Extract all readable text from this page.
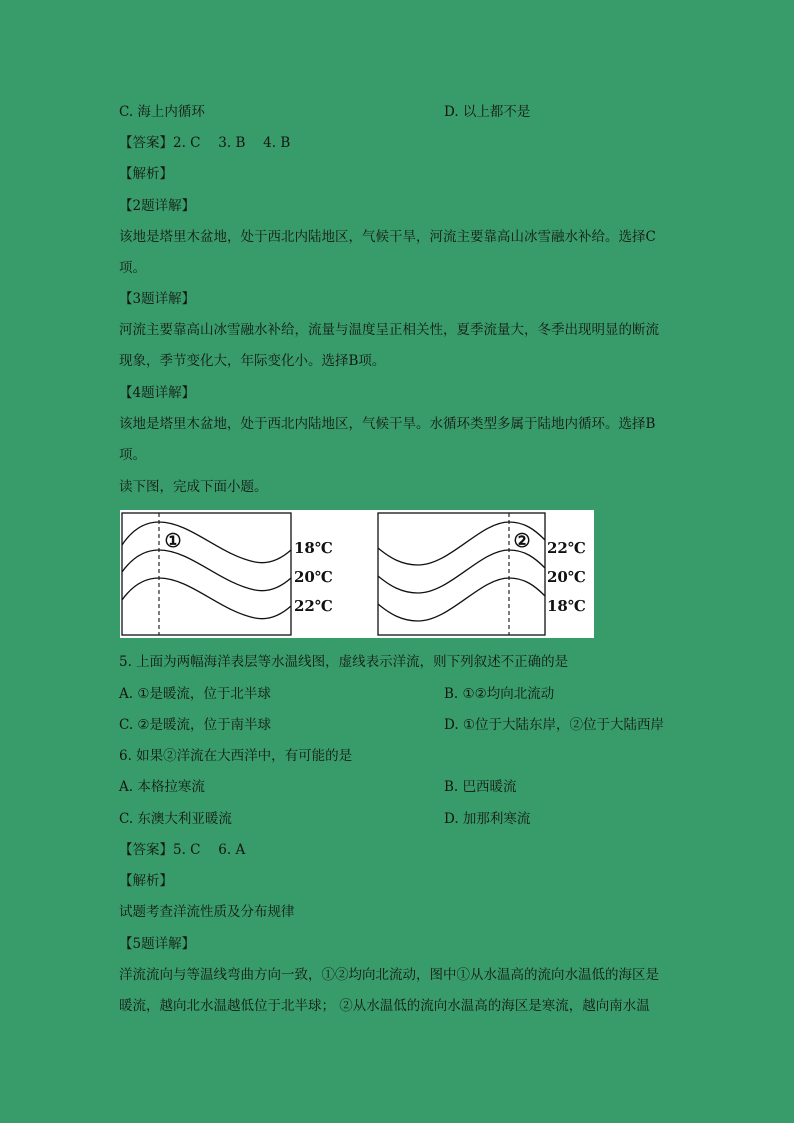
C. 海上内循环	D. 以上都不是
【答案】2. C　 3. B　 4. B
【解析】
【2题详解】
该地是塔里木盆地，处于西北内陆地区，气候干旱，河流主要靠高山冰雪融水补给。选择C
项。
【3题详解】
河流主要靠高山冰雪融水补给，流量与温度呈正相关性，夏季流量大，冬季出现明显的断流
现象，季节变化大，年际变化小。选择B项。
【4题详解】
该地是塔里木盆地，处于西北内陆地区，气候干旱。水循环类型多属于陆地内循环。选择B
项。
读下图，完成下面小题。
①	18℃
20℃
22℃
② 22℃
20℃
18℃
5. 上面为两幅海洋表层等水温线图，虚线表示洋流，则下列叙述不正确的是
A. ①是暖流，位于北半球	B. ①②均向北流动
C. ②是暖流，位于南半球	D. ①位于大陆东岸，②位于大陆西岸
6. 如果②洋流在大西洋中，有可能的是
A. 本格拉寒流	B. 巴西暖流
C. 东澳大利亚暖流	D. 加那利寒流
【答案】5. C　 6. A
【解析】
试题考查洋流性质及分布规律
【5题详解】
洋流流向与等温线弯曲方向一致，①②均向北流动，图中①从水温高的流向水温低的海区是
暖流，越向北水温越低位于北半球； ②从水温低的流向水温高的海区是寒流，越向南水温
